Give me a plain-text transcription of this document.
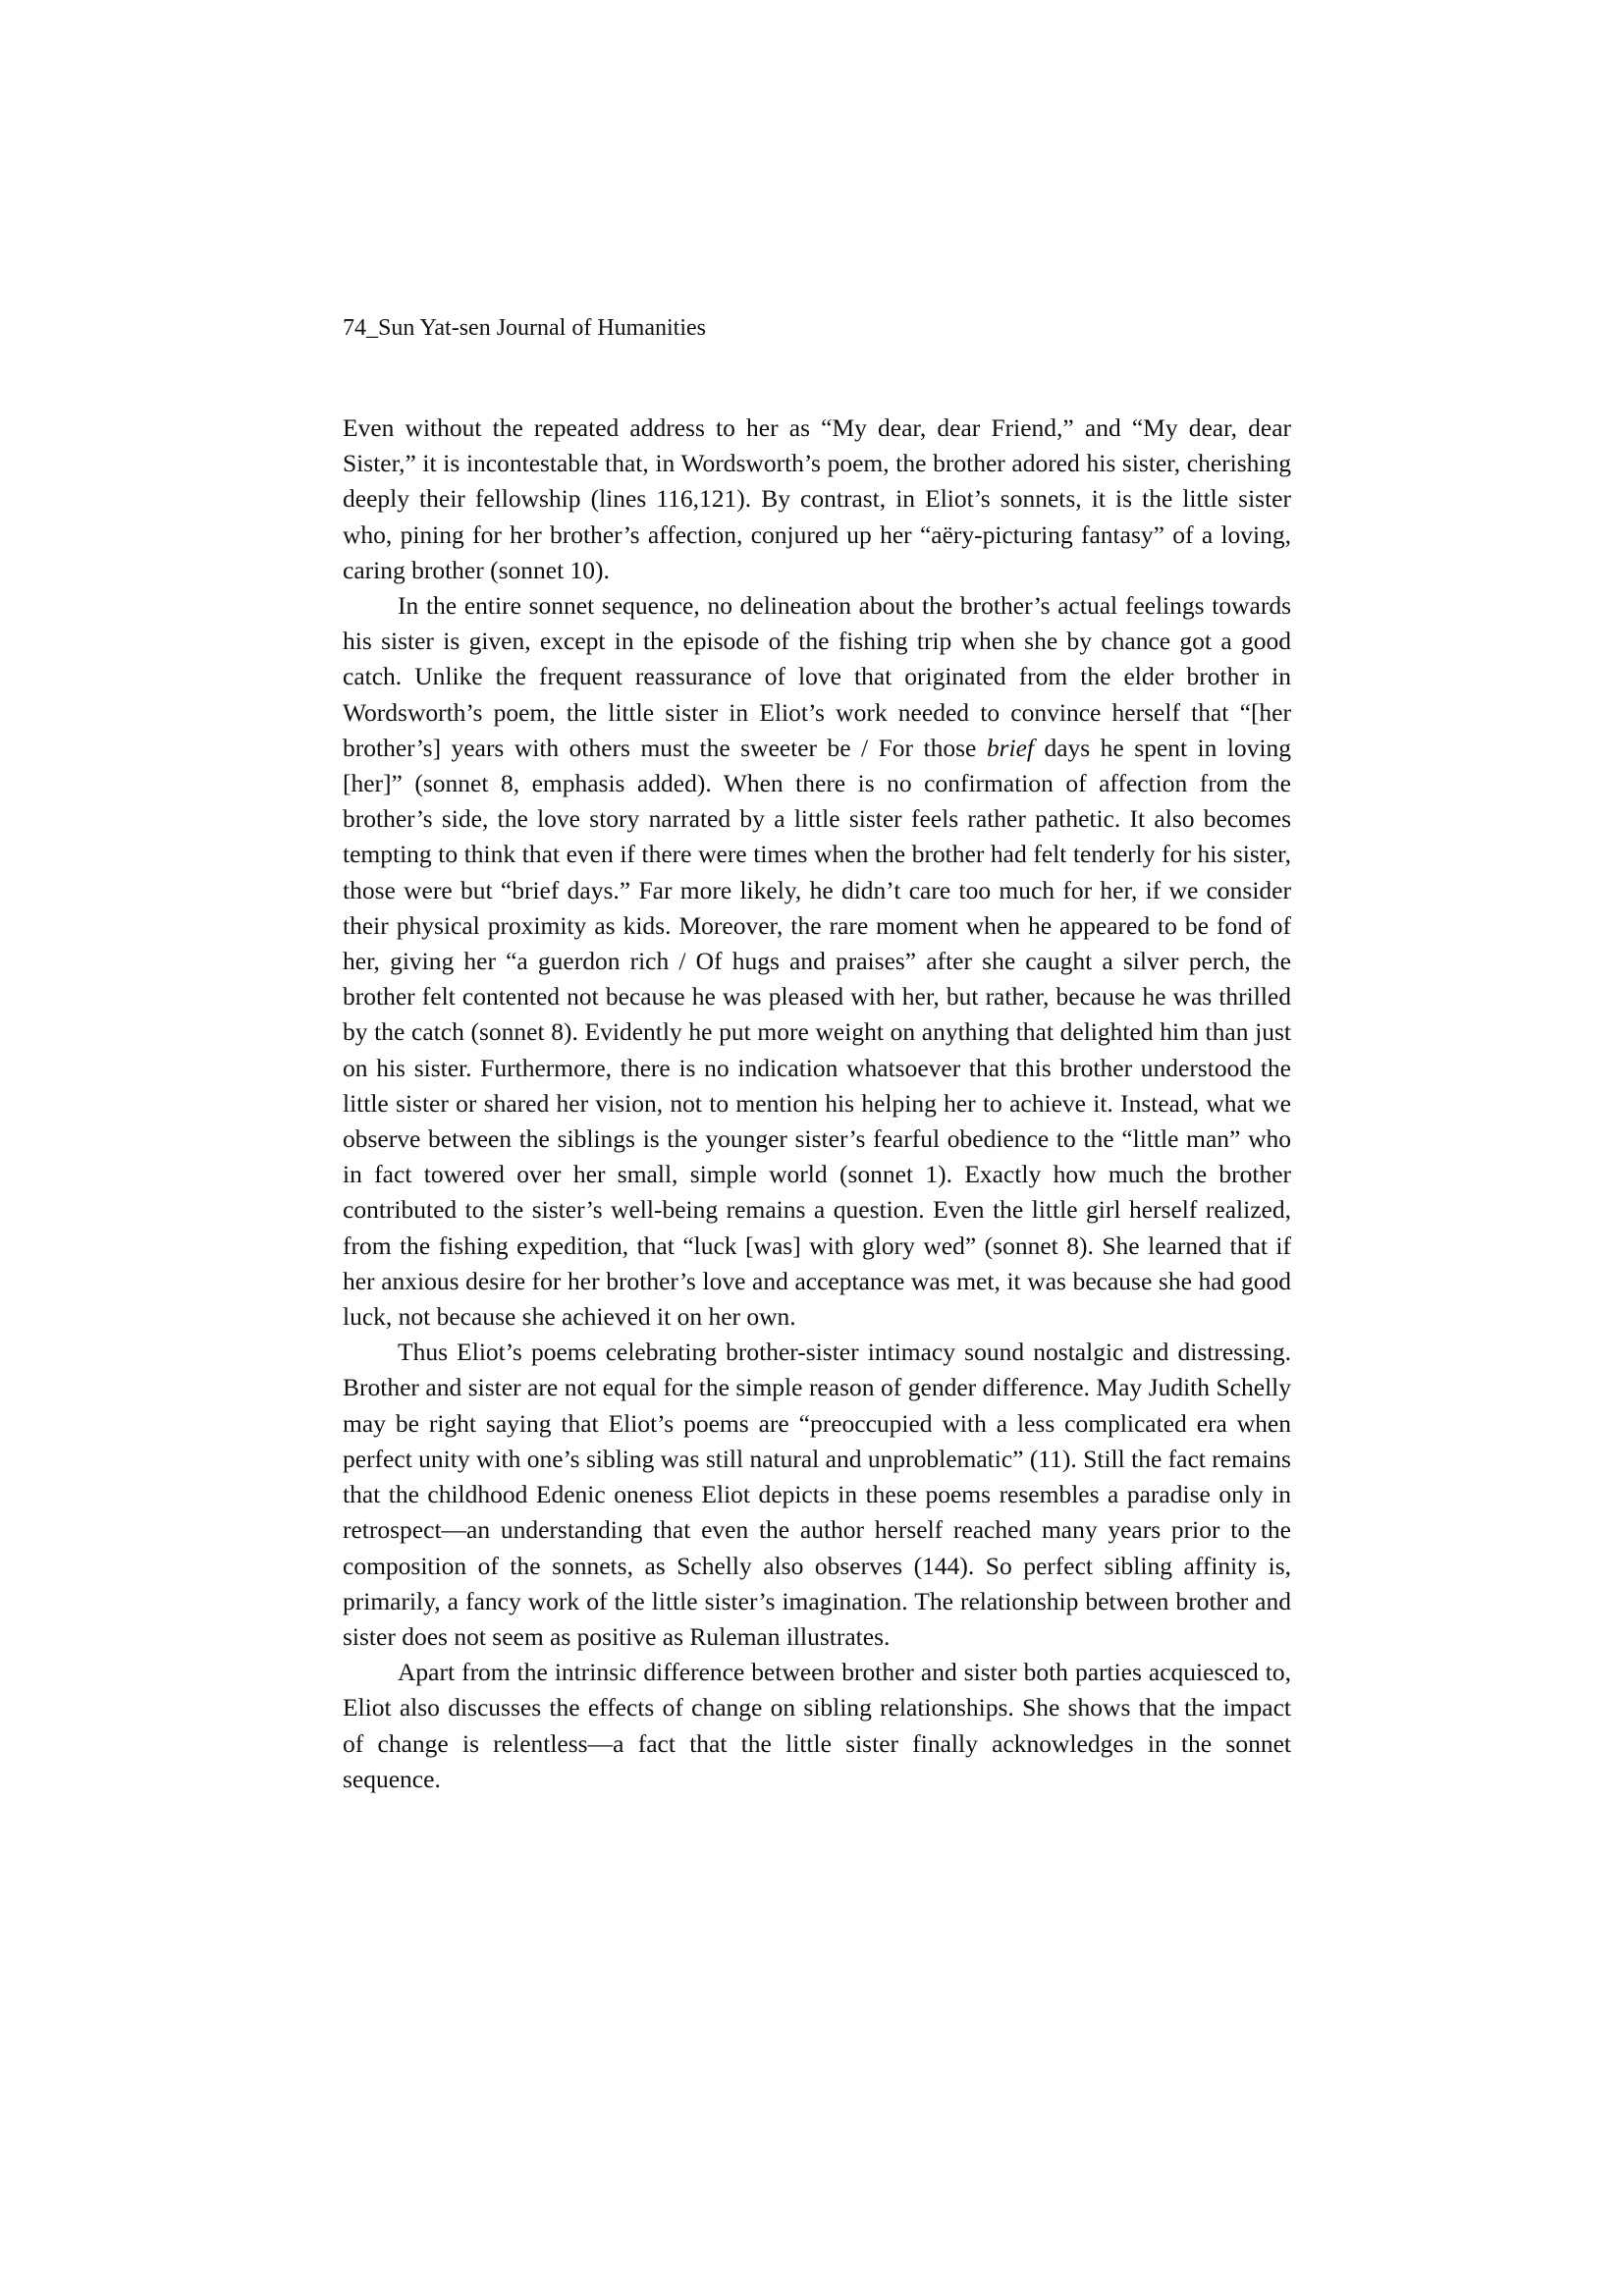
74_Sun Yat-sen Journal of Humanities

Even without the repeated address to her as “My dear, dear Friend,” and “My dear, dear Sister,” it is incontestable that, in Wordsworth’s poem, the brother adored his sister, cherishing deeply their fellowship (lines 116,121). By contrast, in Eliot’s sonnets, it is the little sister who, pining for her brother’s affection, conjured up her “aëry-picturing fantasy” of a loving, caring brother (sonnet 10).

In the entire sonnet sequence, no delineation about the brother’s actual feelings towards his sister is given, except in the episode of the fishing trip when she by chance got a good catch. Unlike the frequent reassurance of love that originated from the elder brother in Wordsworth’s poem, the little sister in Eliot’s work needed to convince herself that “[her brother’s] years with others must the sweeter be / For those brief days he spent in loving [her]” (sonnet 8, emphasis added). When there is no confirmation of affection from the brother’s side, the love story narrated by a little sister feels rather pathetic. It also becomes tempting to think that even if there were times when the brother had felt tenderly for his sister, those were but “brief days.” Far more likely, he didn’t care too much for her, if we consider their physical proximity as kids. Moreover, the rare moment when he appeared to be fond of her, giving her “a guerdon rich / Of hugs and praises” after she caught a silver perch, the brother felt contented not because he was pleased with her, but rather, because he was thrilled by the catch (sonnet 8). Evidently he put more weight on anything that delighted him than just on his sister. Furthermore, there is no indication whatsoever that this brother understood the little sister or shared her vision, not to mention his helping her to achieve it. Instead, what we observe between the siblings is the younger sister’s fearful obedience to the “little man” who in fact towered over her small, simple world (sonnet 1). Exactly how much the brother contributed to the sister’s well-being remains a question. Even the little girl herself realized, from the fishing expedition, that “luck [was] with glory wed” (sonnet 8). She learned that if her anxious desire for her brother’s love and acceptance was met, it was because she had good luck, not because she achieved it on her own.

Thus Eliot’s poems celebrating brother-sister intimacy sound nostalgic and distressing. Brother and sister are not equal for the simple reason of gender difference. May Judith Schelly may be right saying that Eliot’s poems are “preoccupied with a less complicated era when perfect unity with one’s sibling was still natural and unproblematic” (11). Still the fact remains that the childhood Edenic oneness Eliot depicts in these poems resembles a paradise only in retrospect—an understanding that even the author herself reached many years prior to the composition of the sonnets, as Schelly also observes (144). So perfect sibling affinity is, primarily, a fancy work of the little sister’s imagination. The relationship between brother and sister does not seem as positive as Ruleman illustrates.

Apart from the intrinsic difference between brother and sister both parties acquiesced to, Eliot also discusses the effects of change on sibling relationships. She shows that the impact of change is relentless—a fact that the little sister finally acknowledges in the sonnet sequence.
